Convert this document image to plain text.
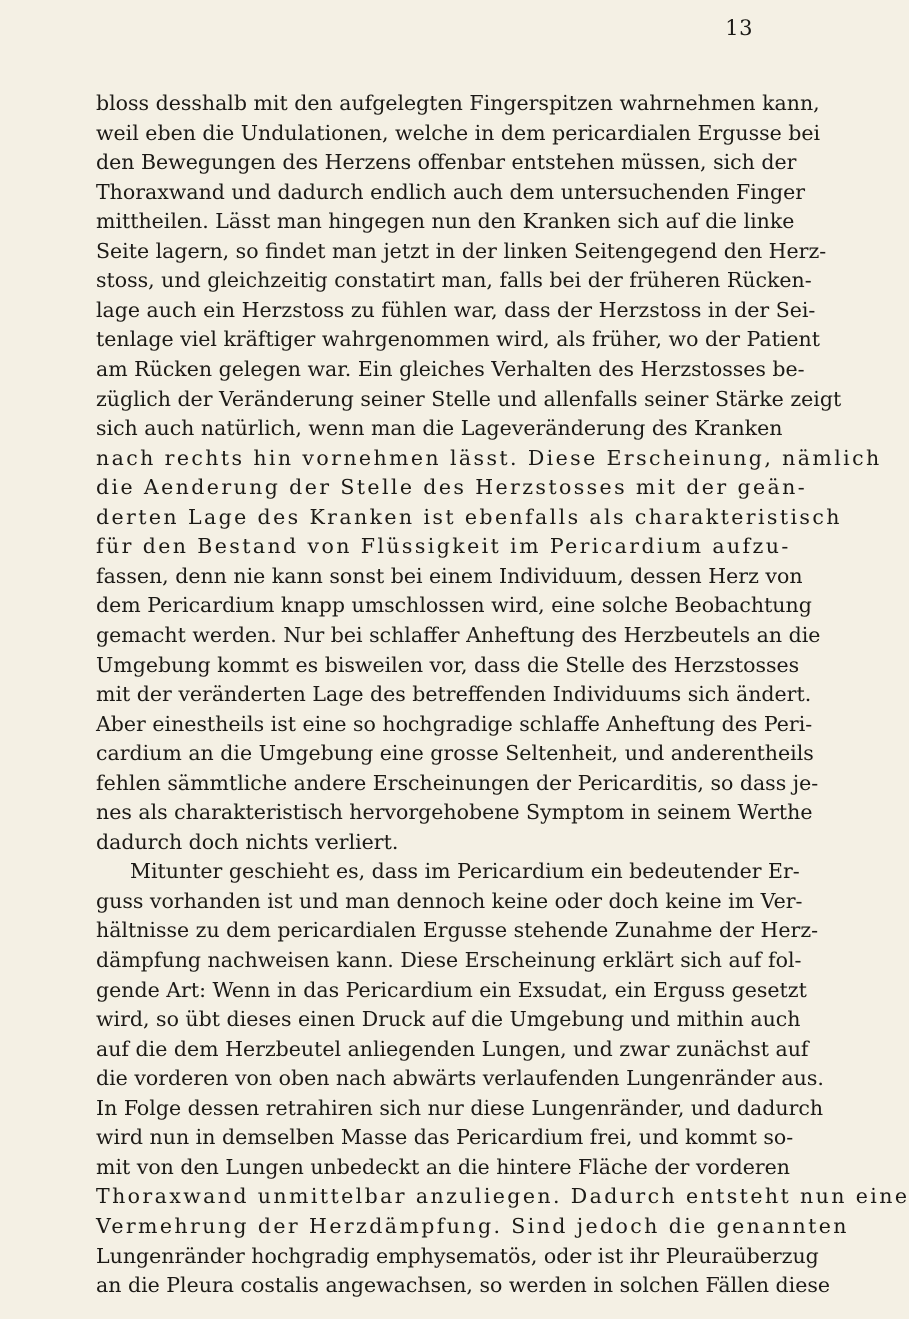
13
bloss desshalb mit den aufgelegten Fingerspitzen wahrnehmen kann,
weil eben die Undulationen, welche in dem pericardialen Ergusse bei
den Bewegungen des Herzens offenbar entstehen müssen, sich der
Thoraxwand und dadurch endlich auch dem untersuchenden Finger
mittheilen. Lässt man hingegen nun den Kranken sich auf die linke
Seite lagern, so findet man jetzt in der linken Seitengegend den Herz-
stoss, und gleichzeitig constatirt man, falls bei der früheren Rücken-
lage auch ein Herzstoss zu fühlen war, dass der Herzstoss in der Sei-
tenlage viel kräftiger wahrgenommen wird, als früher, wo der Patient
am Rücken gelegen war. Ein gleiches Verhalten des Herzstosses be-
züglich der Veränderung seiner Stelle und allenfalls seiner Stärke zeigt
sich auch natürlich, wenn man die Lageveränderung des Kranken
nach rechts hin vornehmen lässt. Diese Erscheinung, nämlich
die Aenderung der Stelle des Herzstosses mit der geän-
derten Lage des Kranken ist ebenfalls als charakteristisch
für den Bestand von Flüssigkeit im Pericardium aufzu-
fassen, denn nie kann sonst bei einem Individuum, dessen Herz von
dem Pericardium knapp umschlossen wird, eine solche Beobachtung
gemacht werden. Nur bei schlaffer Anheftung des Herzbeutels an die
Umgebung kommt es bisweilen vor, dass die Stelle des Herzstosses
mit der veränderten Lage des betreffenden Individuums sich ändert.
Aber einestheils ist eine so hochgradige schlaffe Anheftung des Peri-
cardium an die Umgebung eine grosse Seltenheit, und anderentheils
fehlen sämmtliche andere Erscheinungen der Pericarditis, so dass je-
nes als charakteristisch hervorgehobene Symptom in seinem Werthe
dadurch doch nichts verliert.
Mitunter geschieht es, dass im Pericardium ein bedeutender Er-
guss vorhanden ist und man dennoch keine oder doch keine im Ver-
hältnisse zu dem pericardialen Ergusse stehende Zunahme der Herz-
dämpfung nachweisen kann. Diese Erscheinung erklärt sich auf fol-
gende Art: Wenn in das Pericardium ein Exsudat, ein Erguss gesetzt
wird, so übt dieses einen Druck auf die Umgebung und mithin auch
auf die dem Herzbeutel anliegenden Lungen, und zwar zunächst auf
die vorderen von oben nach abwärts verlaufenden Lungenränder aus.
In Folge dessen retrahiren sich nur diese Lungenränder, und dadurch
wird nun in demselben Masse das Pericardium frei, und kommt so-
mit von den Lungen unbedeckt an die hintere Fläche der vorderen
Thoraxwand unmittelbar anzuliegen. Dadurch entsteht nun eine
Vermehrung der Herzdämpfung. Sind jedoch die genannten
Lungenränder hochgradig emphysematös, oder ist ihr Pleuraüberzug
an die Pleura costalis angewachsen, so werden in solchen Fällen diese
